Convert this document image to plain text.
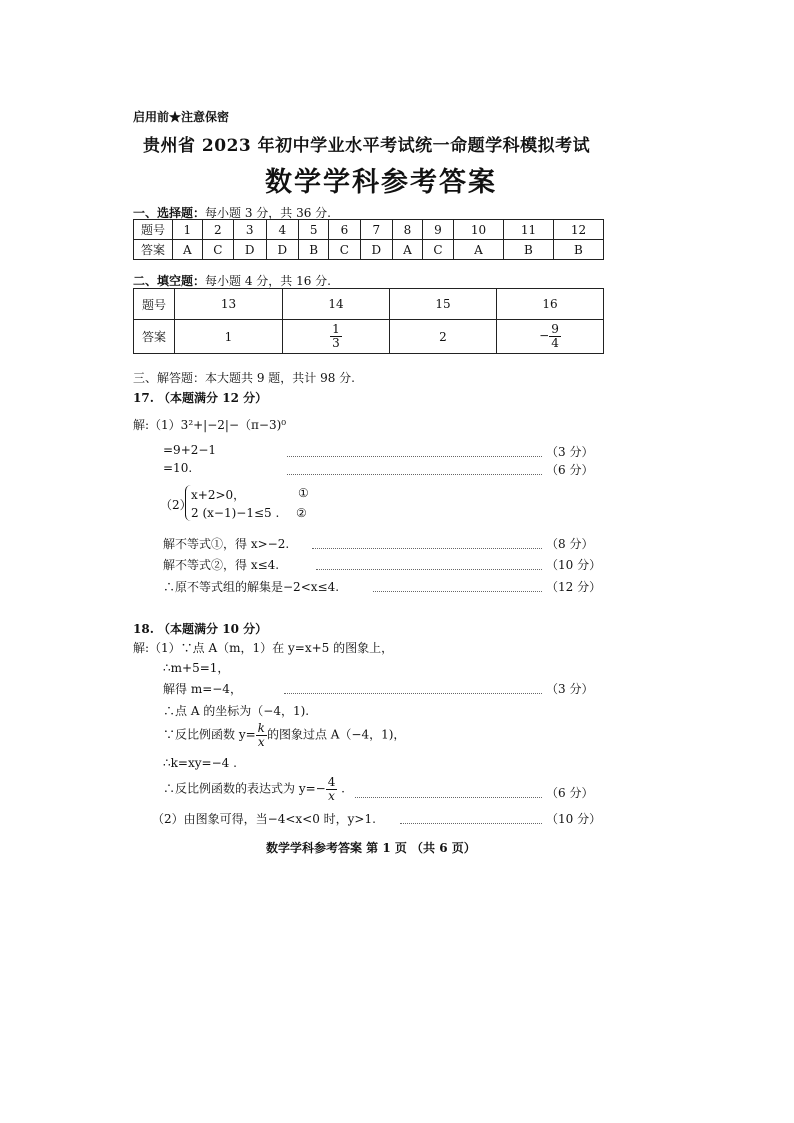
启用前★注意保密
贵州省 2023 年初中学业水平考试统一命题学科模拟考试
数学学科参考答案
一、选择题：每小题 3 分，共 36 分.
题号	1	2	3	4	5	6	7	8	9	10	11	12
答案	A	C	D	D	B	C	D	A	C	A	B	B
二、填空题：每小题 4 分，共 16 分.
题号	13	14	15	16
答案	1	$\frac{1}{3}$	2	− $\frac{9}{4}$
三、解答题：本大题共 9 题，共计 98 分.
17. （本题满分 12 分）
解:（1）3²+|−2|−（π−3)⁰
=9+2−1	（3 分）
=10.	（6 分）
（2）
x+2>0，	①
2 (x−1)−1≤5 . ②
解不等式①，得 x>−2.	（8 分）
解不等式②，得 x≤4.	（10 分）
∴原不等式组的解集是−2<x≤4.	（12 分）
18. （本题满分 10 分）
解:（1）∵点 A（m，1）在 y=x+5 的图象上，
∴m+5=1，
解得 m=−4，	（3 分）
∴点 A 的坐标为（−4，1).
∵反比例函数 $y= \frac{k}{x}$ 的图象过点 A（−4，1)，
∴k=xy=−4 .
∴反比例函数的表达式为 $y=- \frac{4}{x}$ .	（6 分）
（2）由图象可得，当−4<x<0 时，y>1.	（10 分）
数学学科参考答案 第 1 页 （共 6 页）
